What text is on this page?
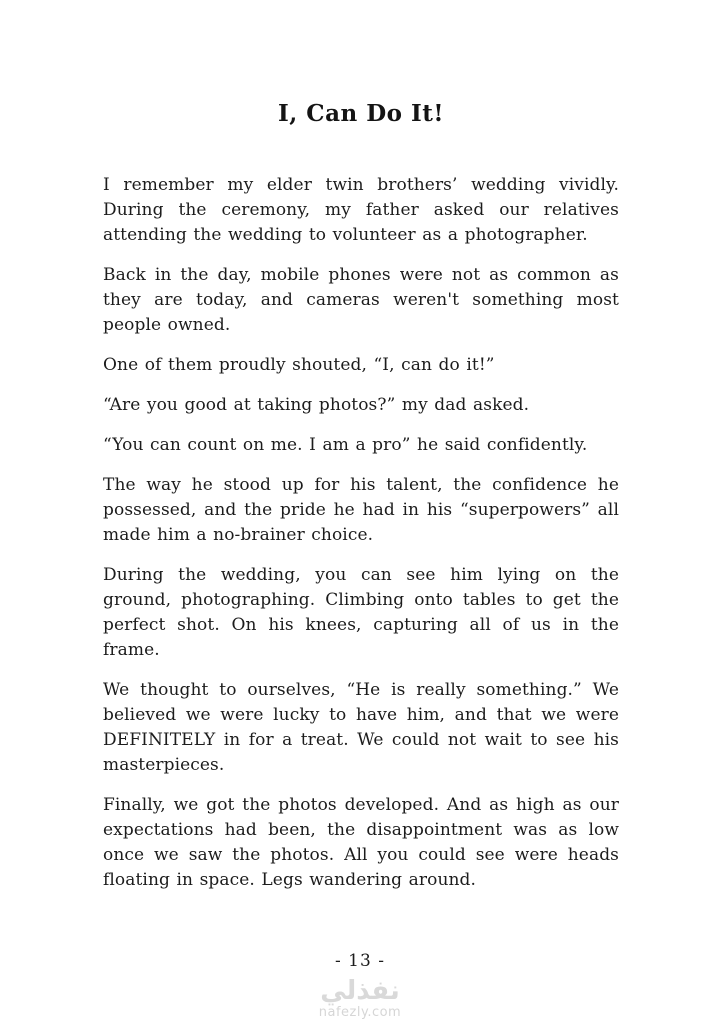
I, Can Do It!

I remember my elder twin brothers’ wedding vividly. During the ceremony, my father asked our relatives attending the wedding to volunteer as a photographer.

Back in the day, mobile phones were not as common as they are today, and cameras weren't something most people owned.

One of them proudly shouted, “I, can do it!”

“Are you good at taking photos?” my dad asked.

“You can count on me. I am a pro” he said confidently.

The way he stood up for his talent, the confidence he possessed, and the pride he had in his “superpowers” all made him a no-brainer choice.

During the wedding, you can see him lying on the ground, photographing. Climbing onto tables to get the perfect shot. On his knees, capturing all of us in the frame.

We thought to ourselves, “He is really something.” We believed we were lucky to have him, and that we were DEFINITELY in for a treat. We could not wait to see his masterpieces.

Finally, we got the photos developed. And as high as our expectations had been, the disappointment was as low once we saw the photos. All you could see were heads floating in space. Legs wandering around.

- 13 -
نفذلي
nafezly.com
